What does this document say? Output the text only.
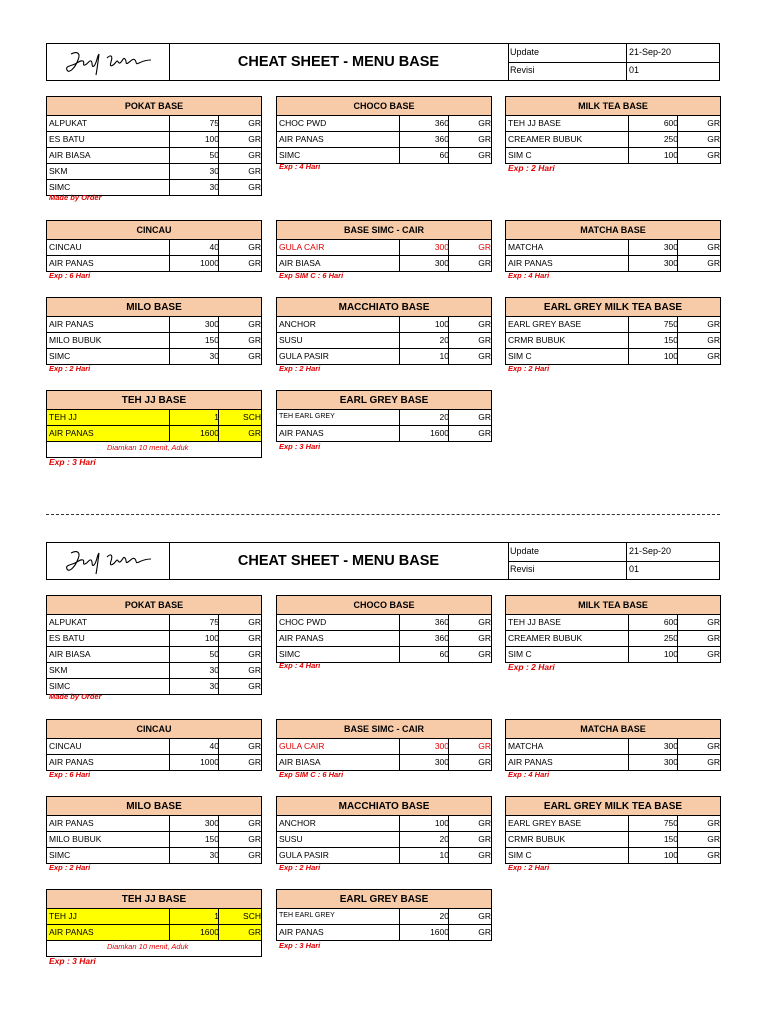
CHEAT SHEET - MENU BASE
Update	21-Sep-20
Revisi	01
POKAT BASE
ALPUKAT	75	GR
ES BATU	100	GR
AIR BIASA	50	GR
SKM	30	GR
SIMC	30	GR
Made by Order
CHOCO BASE
CHOC PWD	360	GR
AIR PANAS	360	GR
SIMC	60	GR
Exp : 4 Hari
MILK TEA BASE
TEH JJ BASE	600	GR
CREAMER BUBUK	250	GR
SIM C	100	GR
Exp : 2 Hari
CINCAU
CINCAU	40	GR
AIR PANAS	1000	GR
Exp : 6 Hari
BASE SIMC - CAIR
GULA CAIR	300	GR
AIR BIASA	300	GR
Exp SIM C : 6 Hari
MATCHA BASE
MATCHA	300	GR
AIR PANAS	300	GR
Exp : 4 Hari
MILO BASE
AIR PANAS	300	GR
MILO BUBUK	150	GR
SIMC	30	GR
Exp : 2 Hari
MACCHIATO BASE
ANCHOR	100	GR
SUSU	20	GR
GULA PASIR	10	GR
Exp : 2 Hari
EARL GREY MILK TEA BASE
EARL GREY BASE	750	GR
CRMR BUBUK	150	GR
SIM C	100	GR
Exp : 2 Hari
TEH JJ BASE
TEH JJ	1	SCH
AIR PANAS	1600	GR
Diamkan 10 menit, Aduk
Exp : 3 Hari
EARL GREY BASE
TEH EARL GREY	20	GR
AIR PANAS	1600	GR
Exp : 3 Hari
CHEAT SHEET - MENU BASE
Update	21-Sep-20
Revisi	01
POKAT BASE
ALPUKAT	75	GR
ES BATU	100	GR
AIR BIASA	50	GR
SKM	30	GR
SIMC	30	GR
Made by Order
CHOCO BASE
CHOC PWD	360	GR
AIR PANAS	360	GR
SIMC	60	GR
Exp : 4 Hari
MILK TEA BASE
TEH JJ BASE	600	GR
CREAMER BUBUK	250	GR
SIM C	100	GR
Exp : 2 Hari
CINCAU
CINCAU	40	GR
AIR PANAS	1000	GR
Exp : 6 Hari
BASE SIMC - CAIR
GULA CAIR	300	GR
AIR BIASA	300	GR
Exp SIM C : 6 Hari
MATCHA BASE
MATCHA	300	GR
AIR PANAS	300	GR
Exp : 4 Hari
MILO BASE
AIR PANAS	300	GR
MILO BUBUK	150	GR
SIMC	30	GR
Exp : 2 Hari
MACCHIATO BASE
ANCHOR	100	GR
SUSU	20	GR
GULA PASIR	10	GR
Exp : 2 Hari
EARL GREY MILK TEA BASE
EARL GREY BASE	750	GR
CRMR BUBUK	150	GR
SIM C	100	GR
Exp : 2 Hari
TEH JJ BASE
TEH JJ	1	SCH
AIR PANAS	1600	GR
Diamkan 10 menit, Aduk
Exp : 3 Hari
EARL GREY BASE
TEH EARL GREY	20	GR
AIR PANAS	1600	GR
Exp : 3 Hari
